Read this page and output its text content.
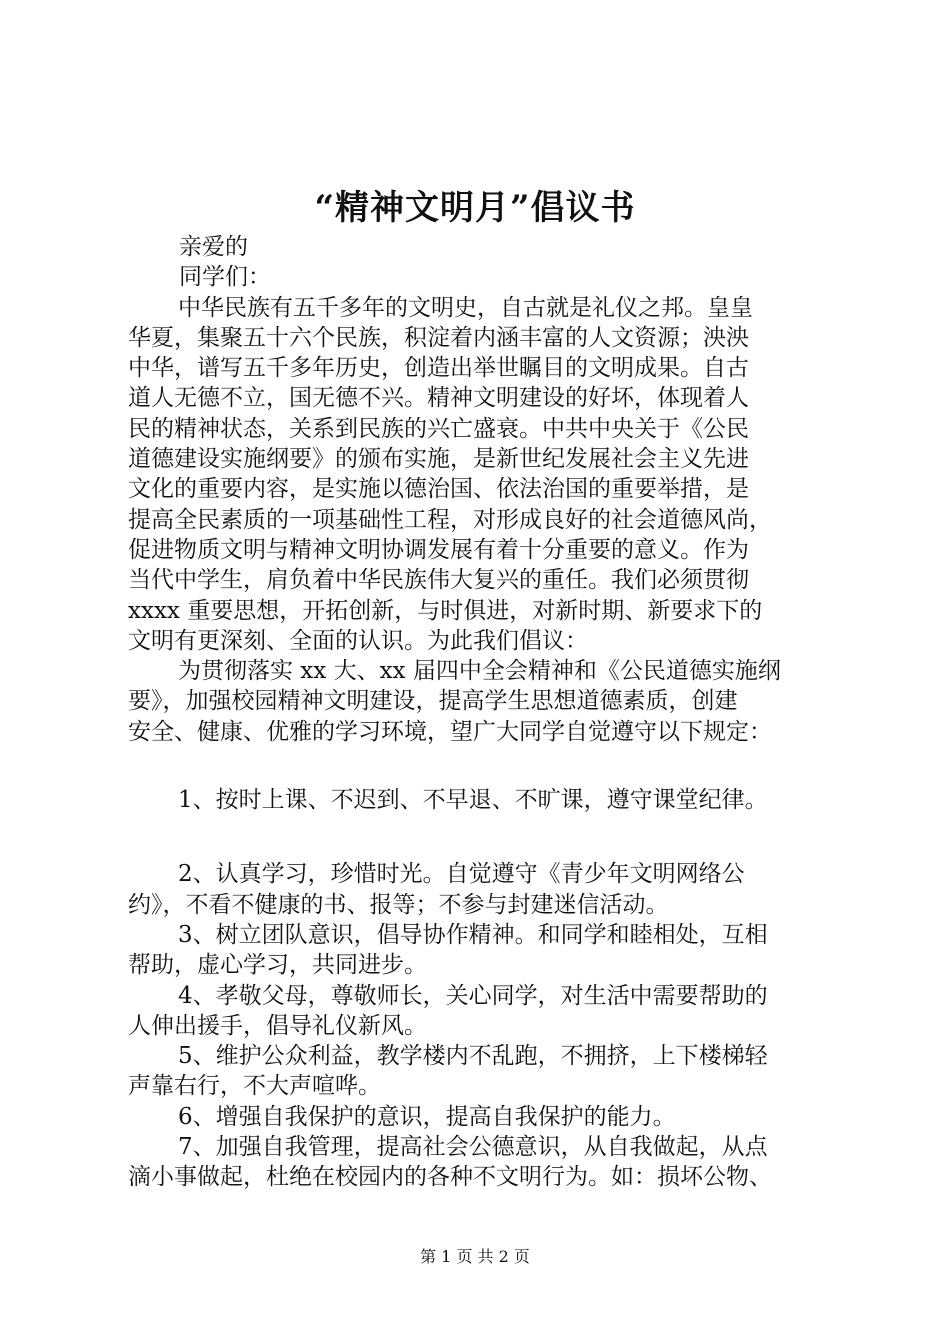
“精神文明月”倡议书
亲爱的
同学们：
中华民族有五千多年的文明史，自古就是礼仪之邦。皇皇
华夏，集聚五十六个民族，积淀着内涵丰富的人文资源；泱泱
中华，谱写五千多年历史，创造出举世瞩目的文明成果。自古
道人无德不立，国无德不兴。精神文明建设的好坏，体现着人
民的精神状态，关系到民族的兴亡盛衰。中共中央关于《公民
道德建设实施纲要》的颁布实施，是新世纪发展社会主义先进
文化的重要内容，是实施以德治国、依法治国的重要举措，是
提高全民素质的一项基础性工程，对形成良好的社会道德风尚，
促进物质文明与精神文明协调发展有着十分重要的意义。作为
当代中学生，肩负着中华民族伟大复兴的重任。我们必须贯彻
xxxx 重要思想，开拓创新，与时俱进，对新时期、新要求下的
文明有更深刻、全面的认识。为此我们倡议：
为贯彻落实 xx 大、xx 届四中全会精神和《公民道德实施纲
要》，加强校园精神文明建设，提高学生思想道德素质，创建
安全、健康、优雅的学习环境，望广大同学自觉遵守以下规定：
1、按时上课、不迟到、不早退、不旷课，遵守课堂纪律。
2、认真学习，珍惜时光。自觉遵守《青少年文明网络公
约》，不看不健康的书、报等；不参与封建迷信活动。
3、树立团队意识，倡导协作精神。和同学和睦相处，互相
帮助，虚心学习，共同进步。
4、孝敬父母，尊敬师长，关心同学，对生活中需要帮助的
人伸出援手，倡导礼仪新风。
5、维护公众利益，教学楼内不乱跑，不拥挤，上下楼梯轻
声靠右行，不大声喧哗。
6、增强自我保护的意识，提高自我保护的能力。
7、加强自我管理，提高社会公德意识，从自我做起，从点
滴小事做起，杜绝在校园内的各种不文明行为。如：损坏公物、
第 1 页 共 2 页
